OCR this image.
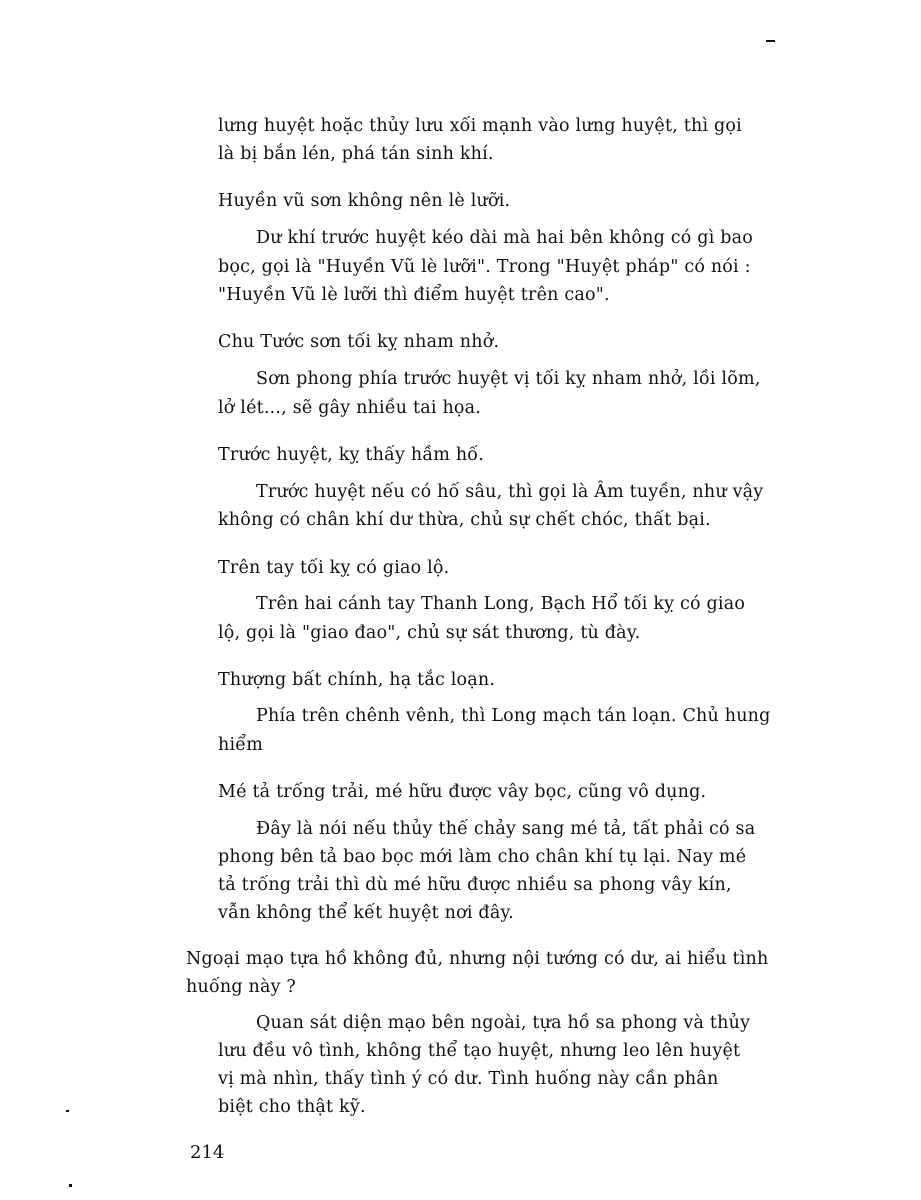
lưng huyệt hoặc thủy lưu xối mạnh vào lưng huyệt, thì gọi
là bị bắn lén, phá tán sinh khí.
Huyền vũ sơn không nên lè lưỡi.
Dư khí trước huyệt kéo dài mà hai bên không có gì bao
bọc, gọi là "Huyền Vũ lè lưỡi". Trong "Huyệt pháp" có nói :
"Huyền Vũ lè lưỡi thì điểm huyệt trên cao".
Chu Tước sơn tối kỵ nham nhở.
Sơn phong phía trước huyệt vị tối kỵ nham nhở, lồi lõm,
lở lét..., sẽ gây nhiều tai họa.
Trước huyệt, kỵ thấy hầm hố.
Trước huyệt nếu có hố sâu, thì gọi là Âm tuyền, như vậy
không có chân khí dư thừa, chủ sự chết chóc, thất bại.
Trên tay tối kỵ có giao lộ.
Trên hai cánh tay Thanh Long, Bạch Hổ tối kỵ có giao
lộ, gọi là "giao đao", chủ sự sát thương, tù đày.
Thượng bất chính, hạ tắc loạn.
Phía trên chênh vênh, thì Long mạch tán loạn. Chủ hung
hiểm
Mé tả trống trải, mé hữu được vây bọc, cũng vô dụng.
Đây là nói nếu thủy thế chảy sang mé tả, tất phải có sa
phong bên tả bao bọc mới làm cho chân khí tụ lại. Nay mé
tả trống trải thì dù mé hữu được nhiều sa phong vây kín,
vẫn không thể kết huyệt nơi đây.
Ngoại mạo tựa hồ không đủ, nhưng nội tướng có dư, ai hiểu tình
huống này ?
Quan sát diện mạo bên ngoài, tựa hồ sa phong và thủy
lưu đều vô tình, không thể tạo huyệt, nhưng leo lên huyệt
vị mà nhìn, thấy tình ý có dư. Tình huống này cần phân
biệt cho thật kỹ.
214
